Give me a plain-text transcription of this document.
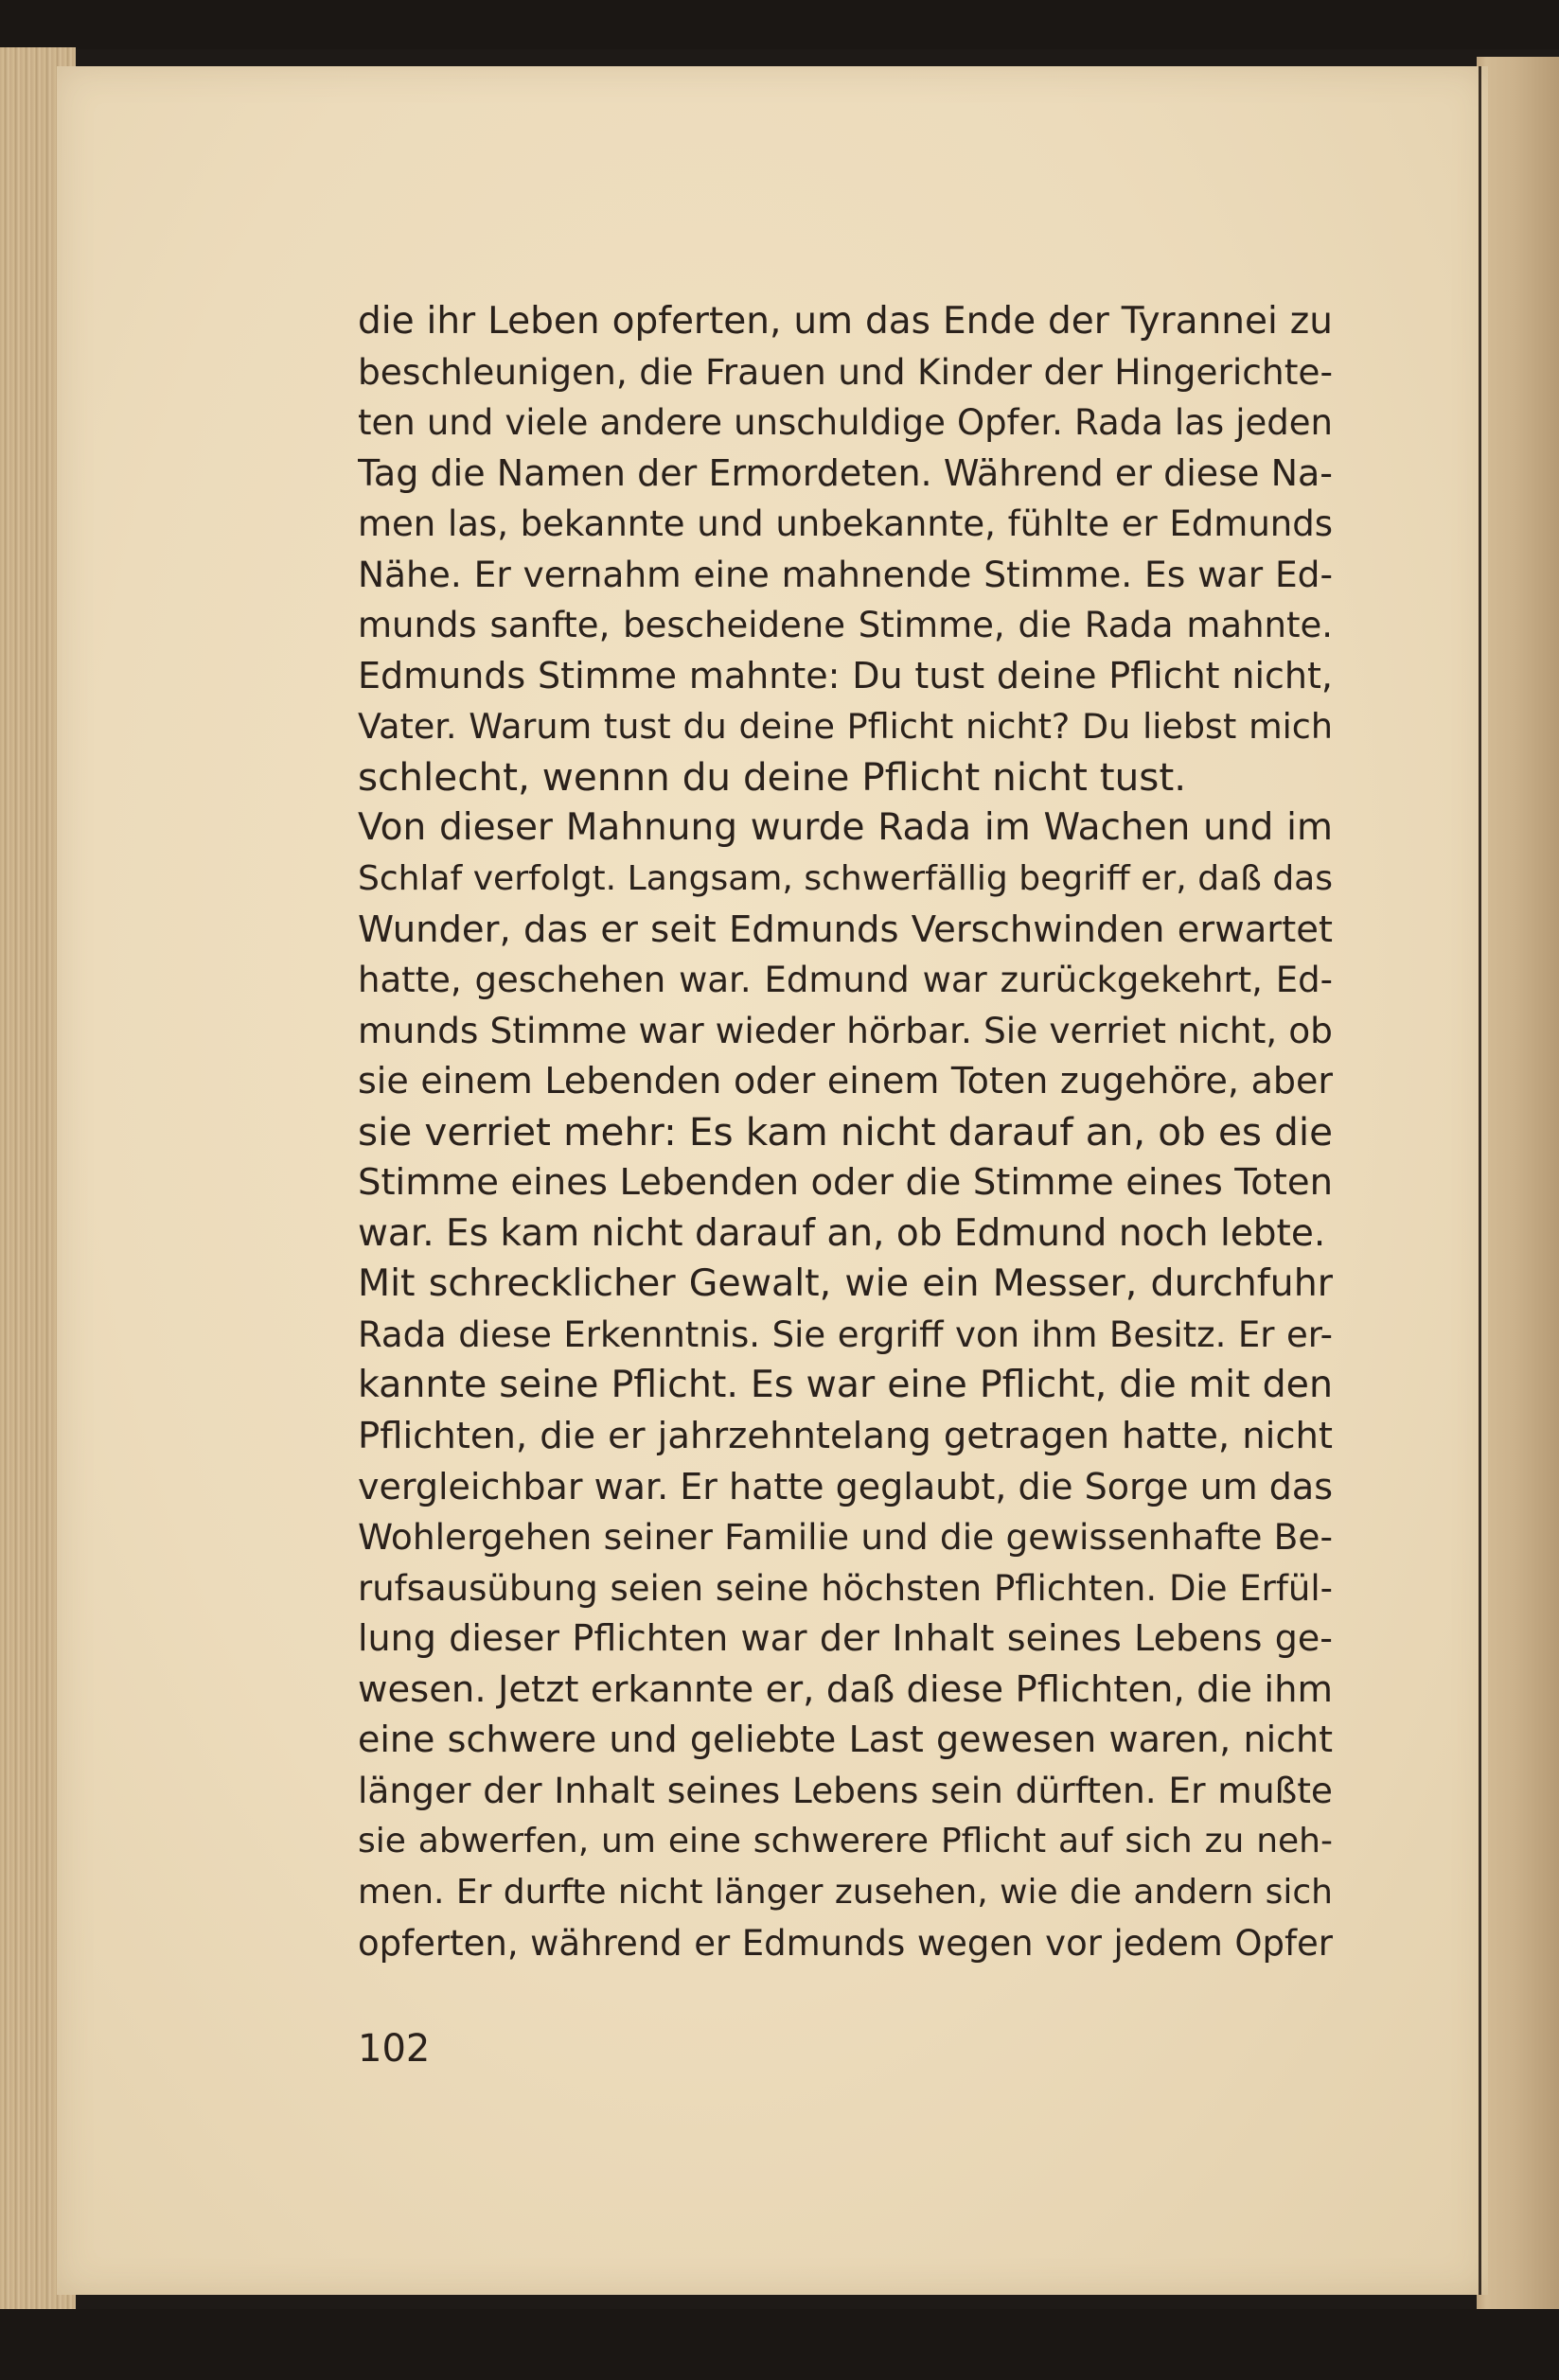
die ihr Leben opferten, um das Ende der Tyrannei zu
beschleunigen, die Frauen und Kinder der Hingerichte-
ten und viele andere unschuldige Opfer. Rada las jeden
Tag die Namen der Ermordeten. Während er diese Na-
men las, bekannte und unbekannte, fühlte er Edmunds
Nähe. Er vernahm eine mahnende Stimme. Es war Ed-
munds sanfte, bescheidene Stimme, die Rada mahnte.
Edmunds Stimme mahnte: Du tust deine Pflicht nicht,
Vater. Warum tust du deine Pflicht nicht? Du liebst mich
schlecht, wennn du deine Pflicht nicht tust.
Von dieser Mahnung wurde Rada im Wachen und im
Schlaf verfolgt. Langsam, schwerfällig begriff er, daß das
Wunder, das er seit Edmunds Verschwinden erwartet
hatte, geschehen war. Edmund war zurückgekehrt, Ed-
munds Stimme war wieder hörbar. Sie verriet nicht, ob
sie einem Lebenden oder einem Toten zugehöre, aber
sie verriet mehr: Es kam nicht darauf an, ob es die
Stimme eines Lebenden oder die Stimme eines Toten
war. Es kam nicht darauf an, ob Edmund noch lebte.
Mit schrecklicher Gewalt, wie ein Messer, durchfuhr
Rada diese Erkenntnis. Sie ergriff von ihm Besitz. Er er-
kannte seine Pflicht. Es war eine Pflicht, die mit den
Pflichten, die er jahrzehntelang getragen hatte, nicht
vergleichbar war. Er hatte geglaubt, die Sorge um das
Wohlergehen seiner Familie und die gewissenhafte Be-
rufsausübung seien seine höchsten Pflichten. Die Erfül-
lung dieser Pflichten war der Inhalt seines Lebens ge-
wesen. Jetzt erkannte er, daß diese Pflichten, die ihm
eine schwere und geliebte Last gewesen waren, nicht
länger der Inhalt seines Lebens sein dürften. Er mußte
sie abwerfen, um eine schwerere Pflicht auf sich zu neh-
men. Er durfte nicht länger zusehen, wie die andern sich
opferten, während er Edmunds wegen vor jedem Opfer
102
